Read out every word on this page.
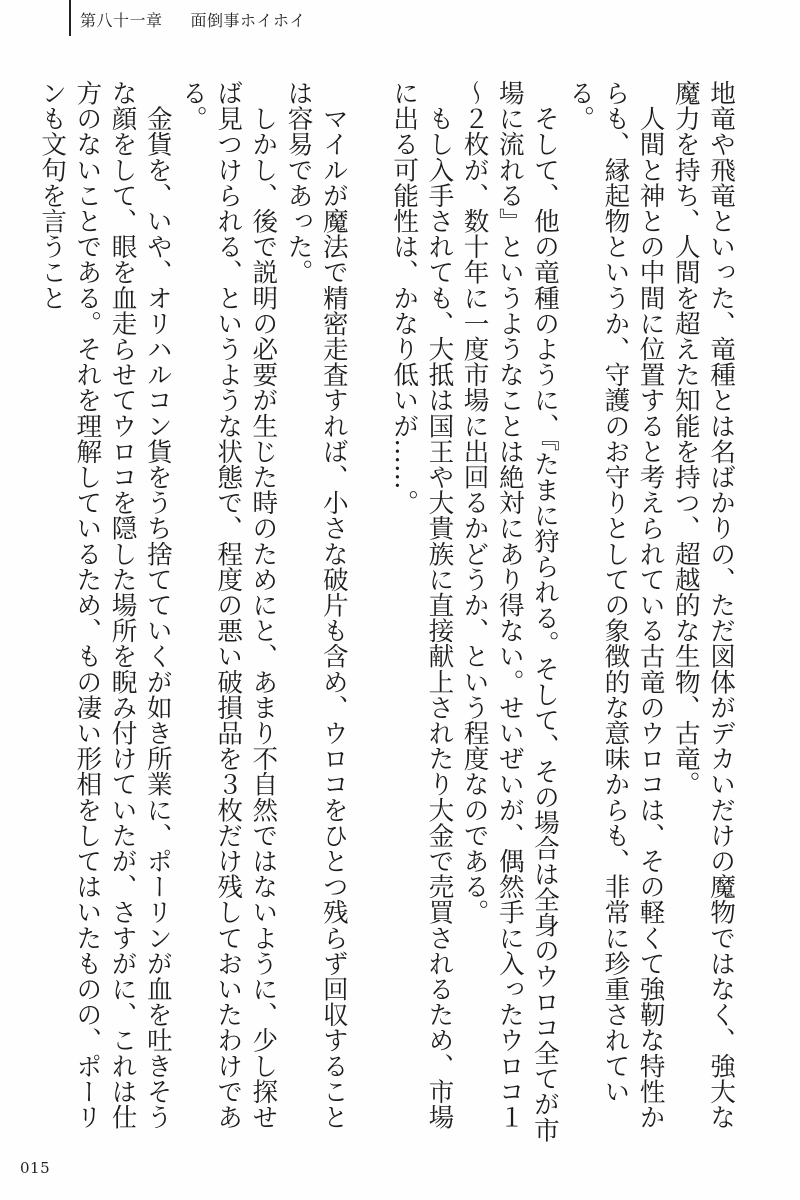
第八十一章 面倒事ホイホイ

地竜や飛竜といった、竜種とは名ばかりの、ただ図体がデカいだけの魔物ではなく、強大な魔力を持ち、人間を超えた知能を持つ、超越的な生物、古竜。

　人間と神との中間に位置すると考えられている古竜のウロコは、その軽くて強靭な特性からも、縁起物というか、守護のお守りとしての象徴的な意味からも、非常に珍重されている。

　そして、他の竜種のように、『たまに狩られる。そして、その場合は全身のウロコ全てが市場に流れる』というようなことは絶対にあり得ない。せいぜいが、偶然手に入ったウロコ１～２枚が、数十年に一度市場に出回るかどうか、という程度なのである。

　もし入手されても、大抵は国王や大貴族に直接献上されたり大金で売買されるため、市場に出る可能性は、かなり低いが……。

　マイルが魔法で精密走査すれば、小さな破片も含め、ウロコをひとつ残らず回収することは容易であった。

　しかし、後で説明の必要が生じた時のためにと、あまり不自然ではないように、少し探せば見つけられる、というような状態で、程度の悪い破損品を３枚だけ残しておいたわけである。

　金貨を、いや、オリハルコン貨をうち捨てていくが如き所業に、ポーリンが血を吐きそうな顔をして、眼を血走らせてウロコを隠した場所を睨み付けていたが、さすがに、これは仕方のないことである。それを理解しているため、もの凄い形相をしてはいたものの、ポーリンも文句を言うこと

015
